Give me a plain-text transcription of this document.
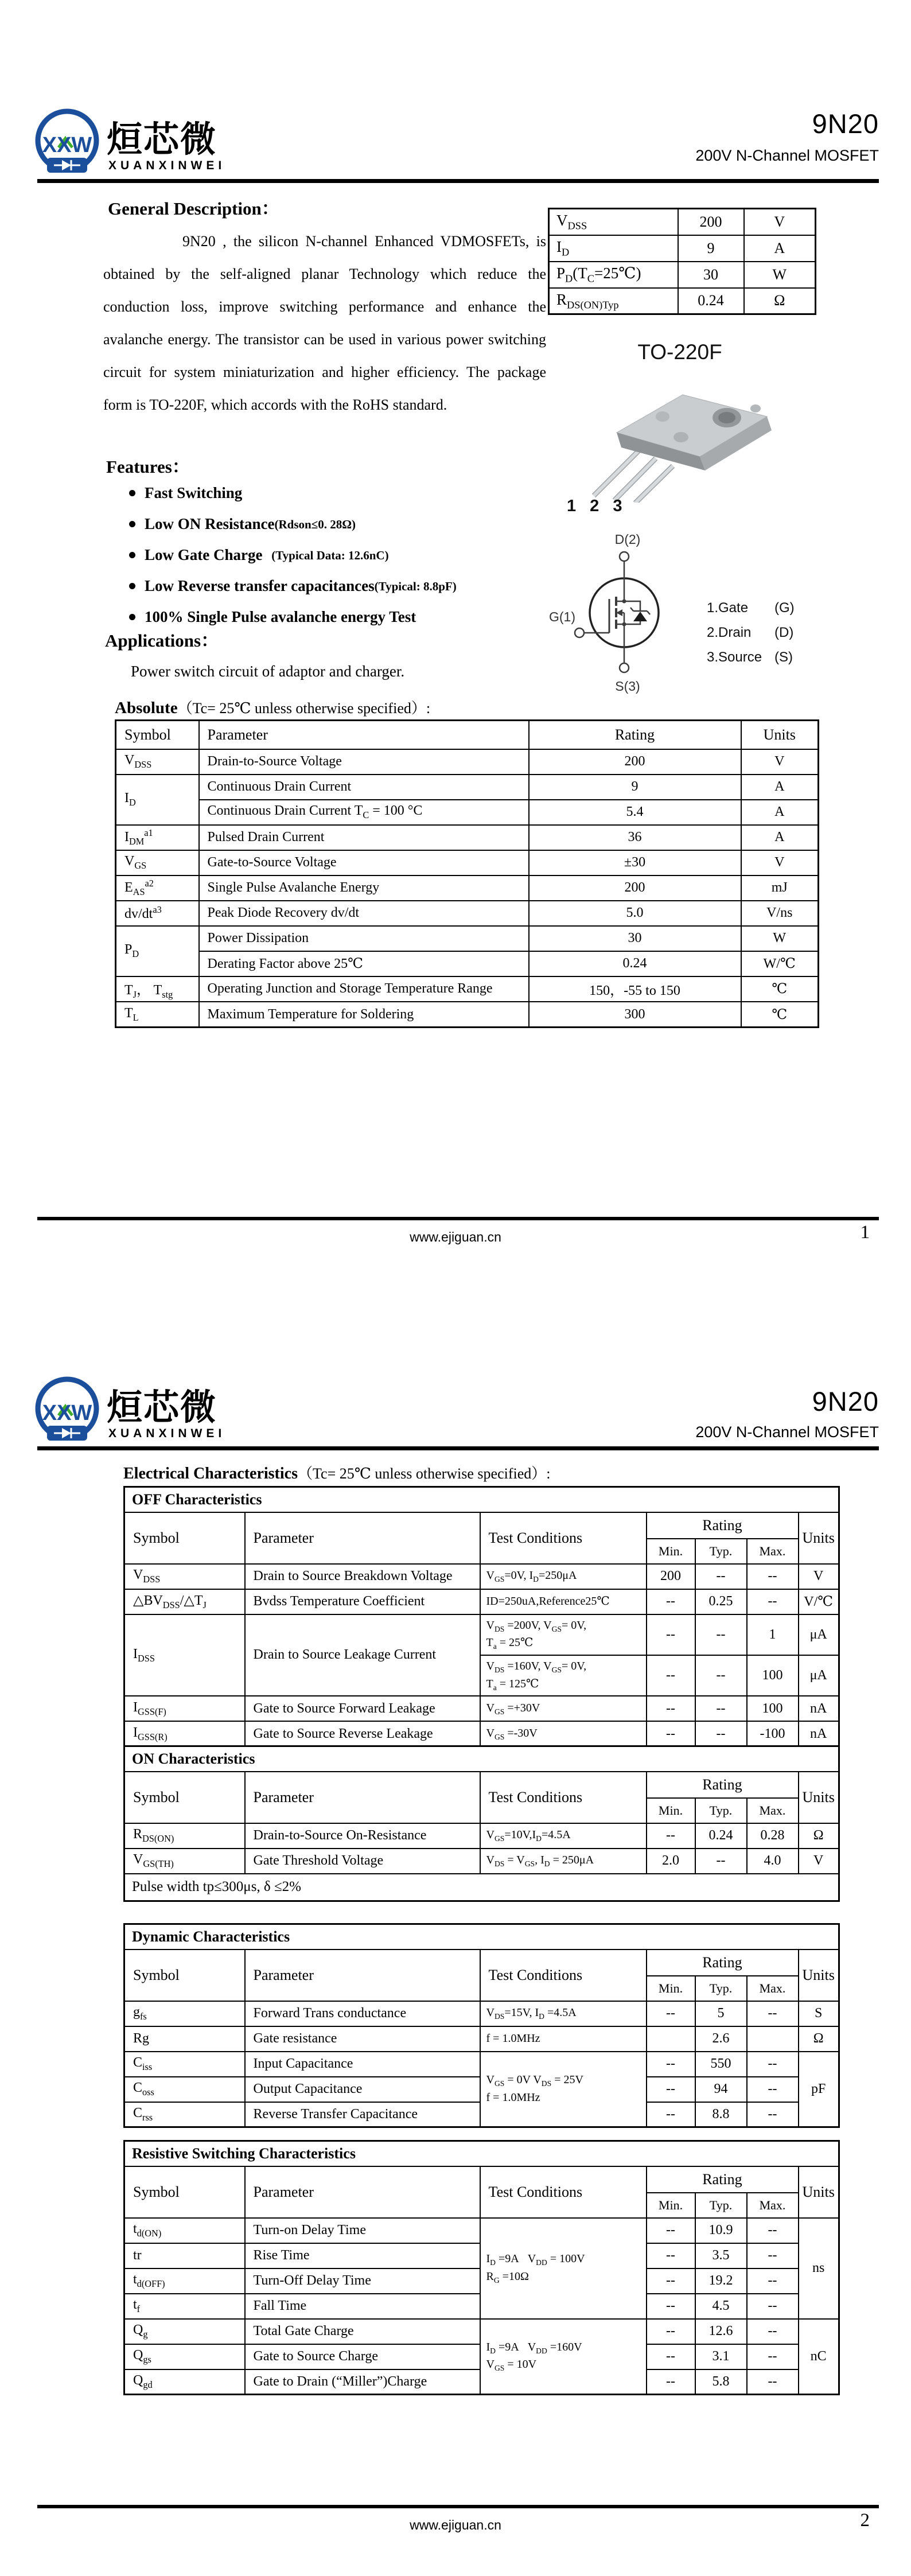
XXW 烜芯微
XUANXINWEI
9N20
200V N-Channel MOSFET
General Description：
9N20 , the silicon N-channel Enhanced VDMOSFETs, is obtained by the self-aligned planar Technology which reduce the conduction loss, improve switching performance and enhance the avalanche energy. The transistor can be used in various power switching circuit for system miniaturization and higher efficiency. The package form is TO-220F, which accords with the RoHS standard.
$V_{DSS}$	200	V
$I_D$	9	A
$P_D(T_C=25℃)$	30	W
$R_{DS(ON)Typ}$	0.24	Ω
TO-220F
1 2 3
Features：
Fast Switching
Low ON Resistance (Rdson≤0. 28Ω)
Low Gate Charge (Typical Data: 12.6nC)
Low Reverse transfer capacitances (Typical: 8.8pF)
100% Single Pulse avalanche energy Test
D(2)
G(1)
S(3)
1.Gate	(G)
2.Drain	(D)
3.Source (S)
Applications：
Power switch circuit of adaptor and charger.
Absolute（Tc= 25℃ unless otherwise specified）:
Symbol	Parameter	Rating	Units
$V_{DSS}$	Drain-to-Source Voltage	200	V
$I_D$	Continuous Drain Current	9	A
	Continuous Drain Current $T_C = 100$ °C	5.4	A
$I_{DM}^{a1}$	Pulsed Drain Current	36	A
$V_{GS}$	Gate-to-Source Voltage	±30	V
$E_{AS}^{a2}$	Single Pulse Avalanche Energy	200	mJ
$dv/dt^{a3}$	Peak Diode Recovery dv/dt	5.0	V/ns
$P_D$	Power Dissipation	30	W
	Derating Factor above 25℃	0.24	W/℃
$T_J$， $T_{stg}$	Operating Junction and Storage Temperature Range	150，-55 to 150	℃
$T_L$	Maximum Temperature for Soldering	300	℃
www.ejiguan.cn	1
XXW 烜芯微
XUANXINWEI
9N20
200V N-Channel MOSFET
Electrical Characteristics（Tc= 25℃ unless otherwise specified）:
OFF Characteristics						
Symbol	Parameter	Test Conditions	Rating			Units
			Min.	Typ.	Max.	
$V_{DSS}$	Drain to Source Breakdown Voltage	$V_{GS}=0V$, $I_D=250\mu A$	200	--	--	V
$\triangle BV_{DSS}/\triangle T_J$	Bvdss Temperature Coefficient	ID=250uA,Reference25℃	--	0.25	--	V/℃
$I_{DSS}$	Drain to Source Leakage Current	$V_{DS} =200V$, $V_{GS}= 0V$,
$T_a$ = 25℃	--	--	1	μA
		$V_{DS} =160V$, $V_{GS}= 0V$,
$T_a$ = 125℃	--	--	100	μA
$I_{GSS(F)}$	Gate to Source Forward Leakage	$V_{GS} =+30V$	--	--	100	nA
$I_{GSS(R)}$	Gate to Source Reverse Leakage	$V_{GS} =-30V$	--	--	-100	nA
ON Characteristics						
Symbol	Parameter	Test Conditions	Rating			Units
			Min.	Typ.	Max.	
$R_{DS(ON)}$	Drain-to-Source On-Resistance	$V_{GS}=10V,I_D=4.5A$	--	0.24	0.28	Ω
$V_{GS(TH)}$	Gate Threshold Voltage	$V_{DS} = V_{GS}$, $I_D = 250\mu A$	2.0	--	4.0	V
Pulse width tp≤300μs, δ ≤2%						
Dynamic Characteristics						
Symbol	Parameter	Test Conditions	Rating			Units
			Min.	Typ.	Max.	
$g_{fs}$	Forward Trans conductance	$V_{DS}=15V$, $I_D =4.5A$	--	5	--	S
Rg	Gate resistance	f = 1.0MHz		2.6		Ω
$C_{iss}$	Input Capacitance	$V_{GS} = 0V$ $V_{DS} = 25V$
f = 1.0MHz	--	550	--	pF
$C_{oss}$	Output Capacitance		--	94	--	
$C_{rss}$	Reverse Transfer Capacitance		--	8.8	--	
Resistive Switching Characteristics						
Symbol	Parameter	Test Conditions	Rating			Units
			Min.	Typ.	Max.	
$t_{d(ON)}$	Turn-on Delay Time	$I_D =9A$   $V_{DD} = 100V$
$R_G =10\Omega$	--	10.9	--	ns
tr	Rise Time		--	3.5	--	
$t_{d(OFF)}$	Turn-Off Delay Time		--	19.2	--	
$t_f$	Fall Time		--	4.5	--	
$Q_g$	Total Gate Charge	$I_D =9A$   $V_{DD} =160V$
$V_{GS} = 10V$	--	12.6	--	nC
$Q_{gs}$	Gate to Source Charge		--	3.1	--	
$Q_{gd}$	Gate to Drain (“Miller”)Charge		--	5.8	--	
www.ejiguan.cn	2
